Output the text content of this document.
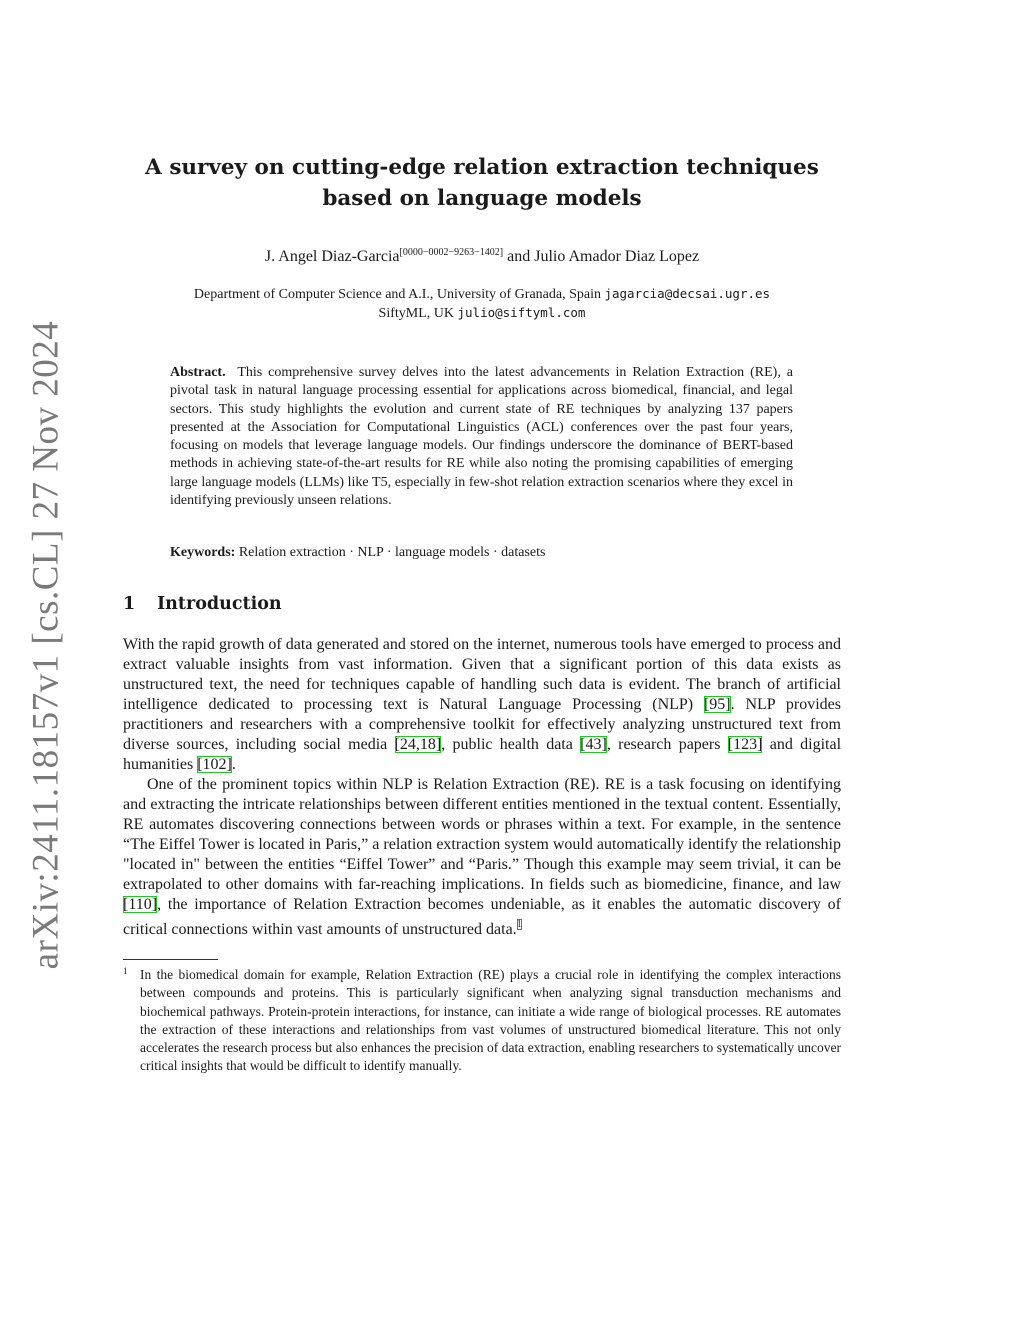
arXiv:2411.18157v1 [cs.CL] 27 Nov 2024
A survey on cutting-edge relation extraction techniques based on language models
J. Angel Diaz-Garcia[0000−0002−9263−1402] and Julio Amador Diaz Lopez
Department of Computer Science and A.I., University of Granada, Spain jagarcia@decsai.ugr.es
SiftyML, UK julio@siftyml.com

Abstract. This comprehensive survey delves into the latest advancements in Relation Extraction (RE), a pivotal task in natural language processing essential for applications across biomedical, financial, and legal sectors. This study highlights the evolution and current state of RE techniques by analyzing 137 papers presented at the Association for Computational Linguistics (ACL) conferences over the past four years, focusing on models that leverage language models. Our findings underscore the dominance of BERT-based methods in achieving state-of-the-art results for RE while also noting the promising capabilities of emerging large language models (LLMs) like T5, especially in few-shot relation extraction scenarios where they excel in identifying previously unseen relations.

Keywords: Relation extraction · NLP · language models · datasets

1 Introduction

With the rapid growth of data generated and stored on the internet, numerous tools have emerged to process and extract valuable insights from vast information. Given that a significant portion of this data exists as unstructured text, the need for techniques capable of handling such data is evident. The branch of artificial intelligence dedicated to processing text is Natural Language Processing (NLP) [95]. NLP provides practitioners and researchers with a comprehensive toolkit for effectively analyzing unstructured text from diverse sources, including social media [24,18], public health data [43], research papers [123] and digital humanities [102].

One of the prominent topics within NLP is Relation Extraction (RE). RE is a task focusing on identifying and extracting the intricate relationships between different entities mentioned in the textual content. Essentially, RE automates discovering connections between words or phrases within a text. For example, in the sentence “The Eiffel Tower is located in Paris,” a relation extraction system would automatically identify the relationship "located in" between the entities “Eiffel Tower” and “Paris.” Though this example may seem trivial, it can be extrapolated to other domains with far-reaching implications. In fields such as biomedicine, finance, and law [110], the importance of Relation Extraction becomes undeniable, as it enables the automatic discovery of critical connections within vast amounts of unstructured data.$^1$

1 In the biomedical domain for example, Relation Extraction (RE) plays a crucial role in identifying the complex interactions between compounds and proteins. This is particularly significant when analyzing signal transduction mechanisms and biochemical pathways. Protein-protein interactions, for instance, can initiate a wide range of biological processes. RE automates the extraction of these interactions and relationships from vast volumes of unstructured biomedical literature. This not only accelerates the research process but also enhances the precision of data extraction, enabling researchers to systematically uncover critical insights that would be difficult to identify manually.
